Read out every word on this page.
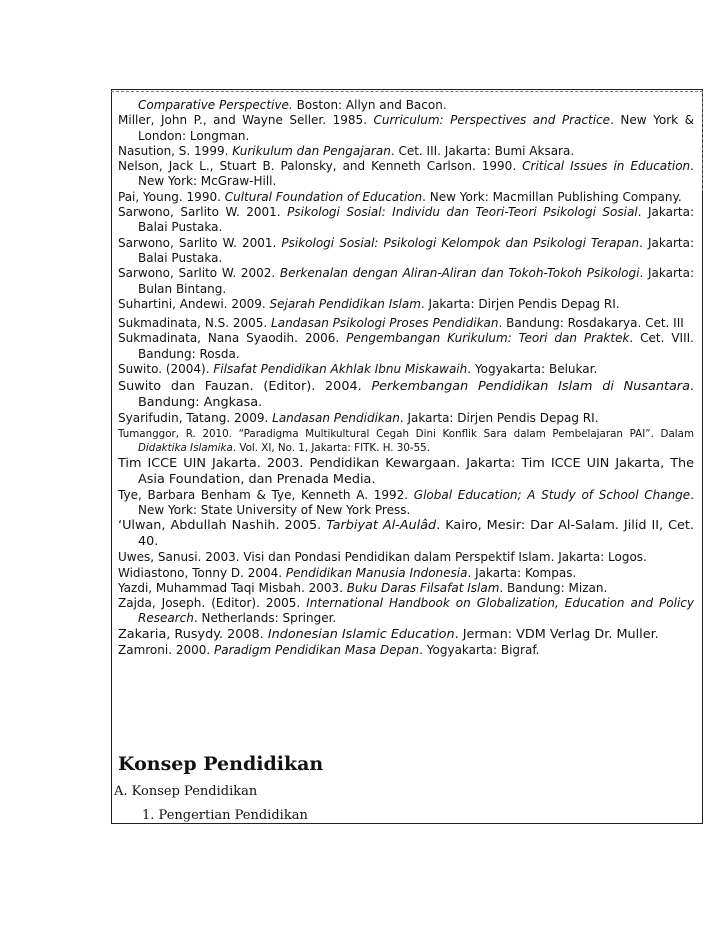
Comparative Perspective. Boston: Allyn and Bacon.

Miller, John P., and Wayne Seller. 1985. Curriculum: Perspectives and Practice. New York & London: Longman.

Nasution, S. 1999. Kurikulum dan Pengajaran. Cet. III. Jakarta: Bumi Aksara.

Nelson, Jack L., Stuart B. Palonsky, and Kenneth Carlson. 1990. Critical Issues in Education. New York: McGraw-Hill.

Pai, Young. 1990. Cultural Foundation of Education. New York: Macmillan Publishing Company.

Sarwono, Sarlito W. 2001. Psikologi Sosial: Individu dan Teori-Teori Psikologi Sosial. Jakarta: Balai Pustaka.

Sarwono, Sarlito W. 2001. Psikologi Sosial: Psikologi Kelompok dan Psikologi Terapan. Jakarta: Balai Pustaka.

Sarwono, Sarlito W. 2002. Berkenalan dengan Aliran-Aliran dan Tokoh-Tokoh Psikologi. Jakarta: Bulan Bintang.

Suhartini, Andewi. 2009. Sejarah Pendidikan Islam. Jakarta: Dirjen Pendis Depag RI.

Sukmadinata, N.S. 2005. Landasan Psikologi Proses Pendidikan. Bandung: Rosdakarya. Cet. III

Sukmadinata, Nana Syaodih. 2006. Pengembangan Kurikulum: Teori dan Praktek. Cet. VIII. Bandung: Rosda.

Suwito. (2004). Filsafat Pendidikan Akhlak Ibnu Miskawaih. Yogyakarta: Belukar.

Suwito dan Fauzan. (Editor). 2004. Perkembangan Pendidikan Islam di Nusantara. Bandung: Angkasa.

Syarifudin, Tatang. 2009. Landasan Pendidikan. Jakarta: Dirjen Pendis Depag RI.

Tumanggor, R. 2010. “Paradigma Multikultural Cegah Dini Konflik Sara dalam Pembelajaran PAI”. Dalam Didaktika Islamika. Vol. XI, No. 1, Jakarta: FITK. H. 30-55.

Tim ICCE UIN Jakarta. 2003. Pendidikan Kewargaan. Jakarta: Tim ICCE UIN Jakarta, The Asia Foundation, dan Prenada Media.

Tye, Barbara Benham & Tye, Kenneth A. 1992. Global Education; A Study of School Change. New York: State University of New York Press.

‘Ulwan, Abdullah Nashih. 2005. Tarbiyat Al-Aulâd. Kairo, Mesir: Dar Al-Salam. Jilid II, Cet. 40.

Uwes, Sanusi. 2003. Visi dan Pondasi Pendidikan dalam Perspektif Islam. Jakarta: Logos.

Widiastono, Tonny D. 2004. Pendidikan Manusia Indonesia. Jakarta: Kompas.

Yazdi, Muhammad Taqi Misbah. 2003. Buku Daras Filsafat Islam. Bandung: Mizan.

Zajda, Joseph. (Editor). 2005. International Handbook on Globalization, Education and Policy Research. Netherlands: Springer.

Zakaria, Rusydy. 2008. Indonesian Islamic Education. Jerman: VDM Verlag Dr. Muller.

Zamroni. 2000. Paradigm Pendidikan Masa Depan. Yogyakarta: Bigraf.

Konsep Pendidikan

A. Konsep Pendidikan

1. Pengertian Pendidikan
